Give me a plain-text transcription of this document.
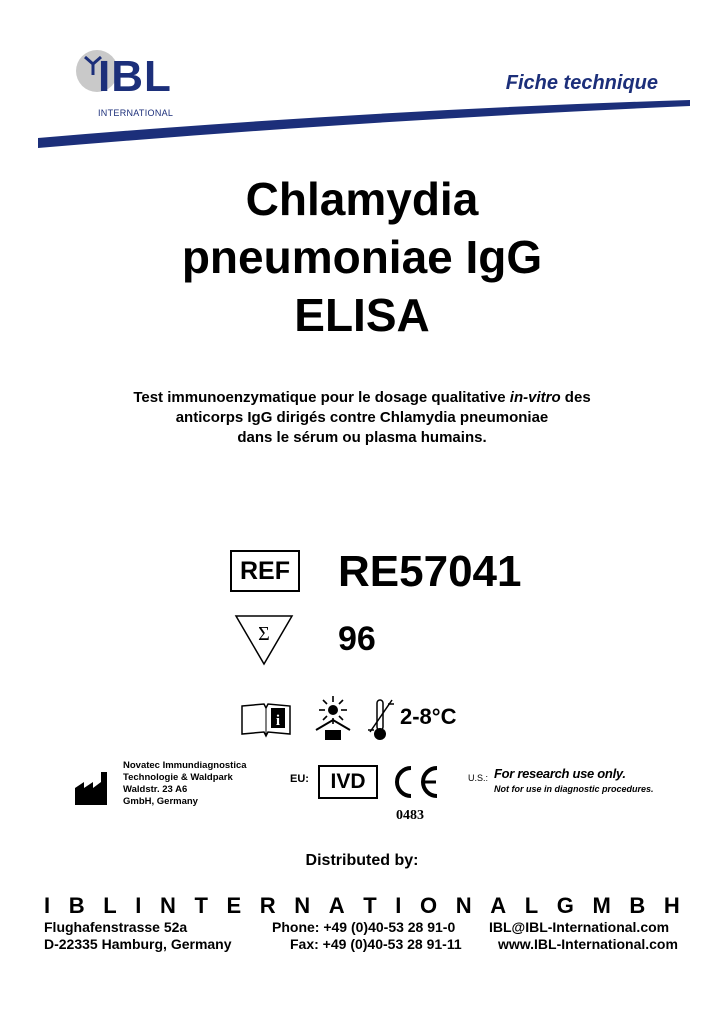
IBL
INTERNATIONAL
Fiche technique
Chlamydia
pneumoniae IgG
ELISA
Test immunoenzymatique pour le dosage qualitative in-vitro des
anticorps IgG dirigés contre Chlamydia pneumoniae
dans le sérum ou plasma humains.
REF RE57041
Σ 96
i	2-8°C
Novatec Immundiagnostica
Technologie & Waldpark
Waldstr. 23 A6
GmbH, Germany
EU:	IVD
0483
U.S.: For research use only.
Not for use in diagnostic procedures.
Distributed by:
I B L I N T E R N A T I O N A L G M B H
Flughafenstrasse 52a
D-22335 Hamburg, Germany
Phone: +49 (0)40-53 28 91-0
Fax: +49 (0)40-53 28 91-11
IBL@IBL-International.com
www.IBL-International.com
